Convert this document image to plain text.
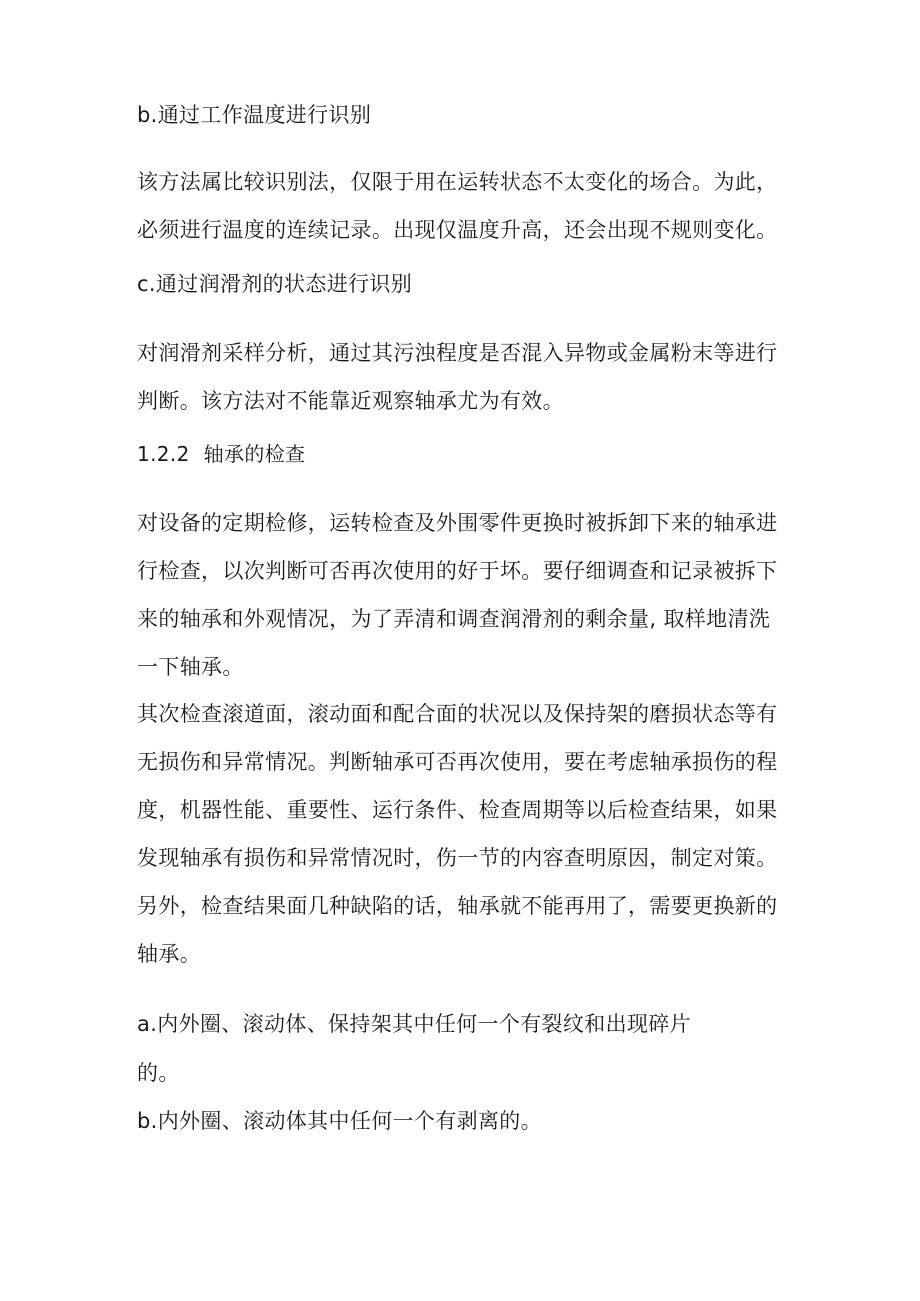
b.通过工作温度进行识别
该方法属比较识别法，仅限于用在运转状态不太变化的场合。为此，
必须进行温度的连续记录。出现仅温度升高，还会出现不规则变化。
c.通过润滑剂的状态进行识别
对润滑剂采样分析，通过其污浊程度是否混入异物或金属粉末等进行
判断。该方法对不能靠近观察轴承尤为有效。
1.2.2 轴承的检查
对设备的定期检修，运转检查及外围零件更换时被拆卸下来的轴承进
行检查，以次判断可否再次使用的好于坏。要仔细调查和记录被拆下
来的轴承和外观情况，为了弄清和调查润滑剂的剩余量, 取样地清洗
一下轴承。
其次检查滚道面，滚动面和配合面的状况以及保持架的磨损状态等有
无损伤和异常情况。判断轴承可否再次使用，要在考虑轴承损伤的程
度，机器性能、重要性、运行条件、检查周期等以后检查结果，如果
发现轴承有损伤和异常情况时，伤一节的内容查明原因，制定对策。
另外，检查结果面几种缺陷的话，轴承就不能再用了，需要更换新的
轴承。
a.内外圈、滚动体、保持架其中任何一个有裂纹和出现碎片
的。
b.内外圈、滚动体其中任何一个有剥离的。
